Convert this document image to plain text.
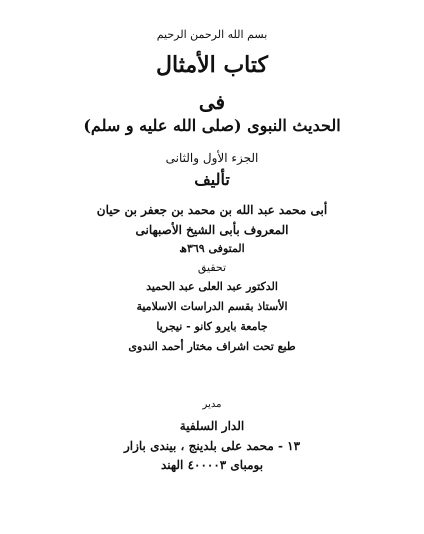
بسم الله الرحمن الرحيم
كتاب الأمثال
فى
الحديث النبوى (صلى الله عليه و سلم)
الجزء الأول والثانى
تأليف
أبى محمد عبد الله بن محمد بن جعفر بن حيان
المعروف بأبى الشيخ الأصبهانى
المتوفى ٣٦٩ھ
تحقيق
الدكتور عبد العلى عبد الحميد
الأستاذ بقسم الدراسات الاسلامية
جامعة بايرو كانو - نيجريا
طبع تحت اشراف مختار أحمد الندوى
مدير
الدار السلفية
١٣ - محمد على بلدينج ، بيندى بازار
بومباى ٤٠٠٠٠٣ الهند
